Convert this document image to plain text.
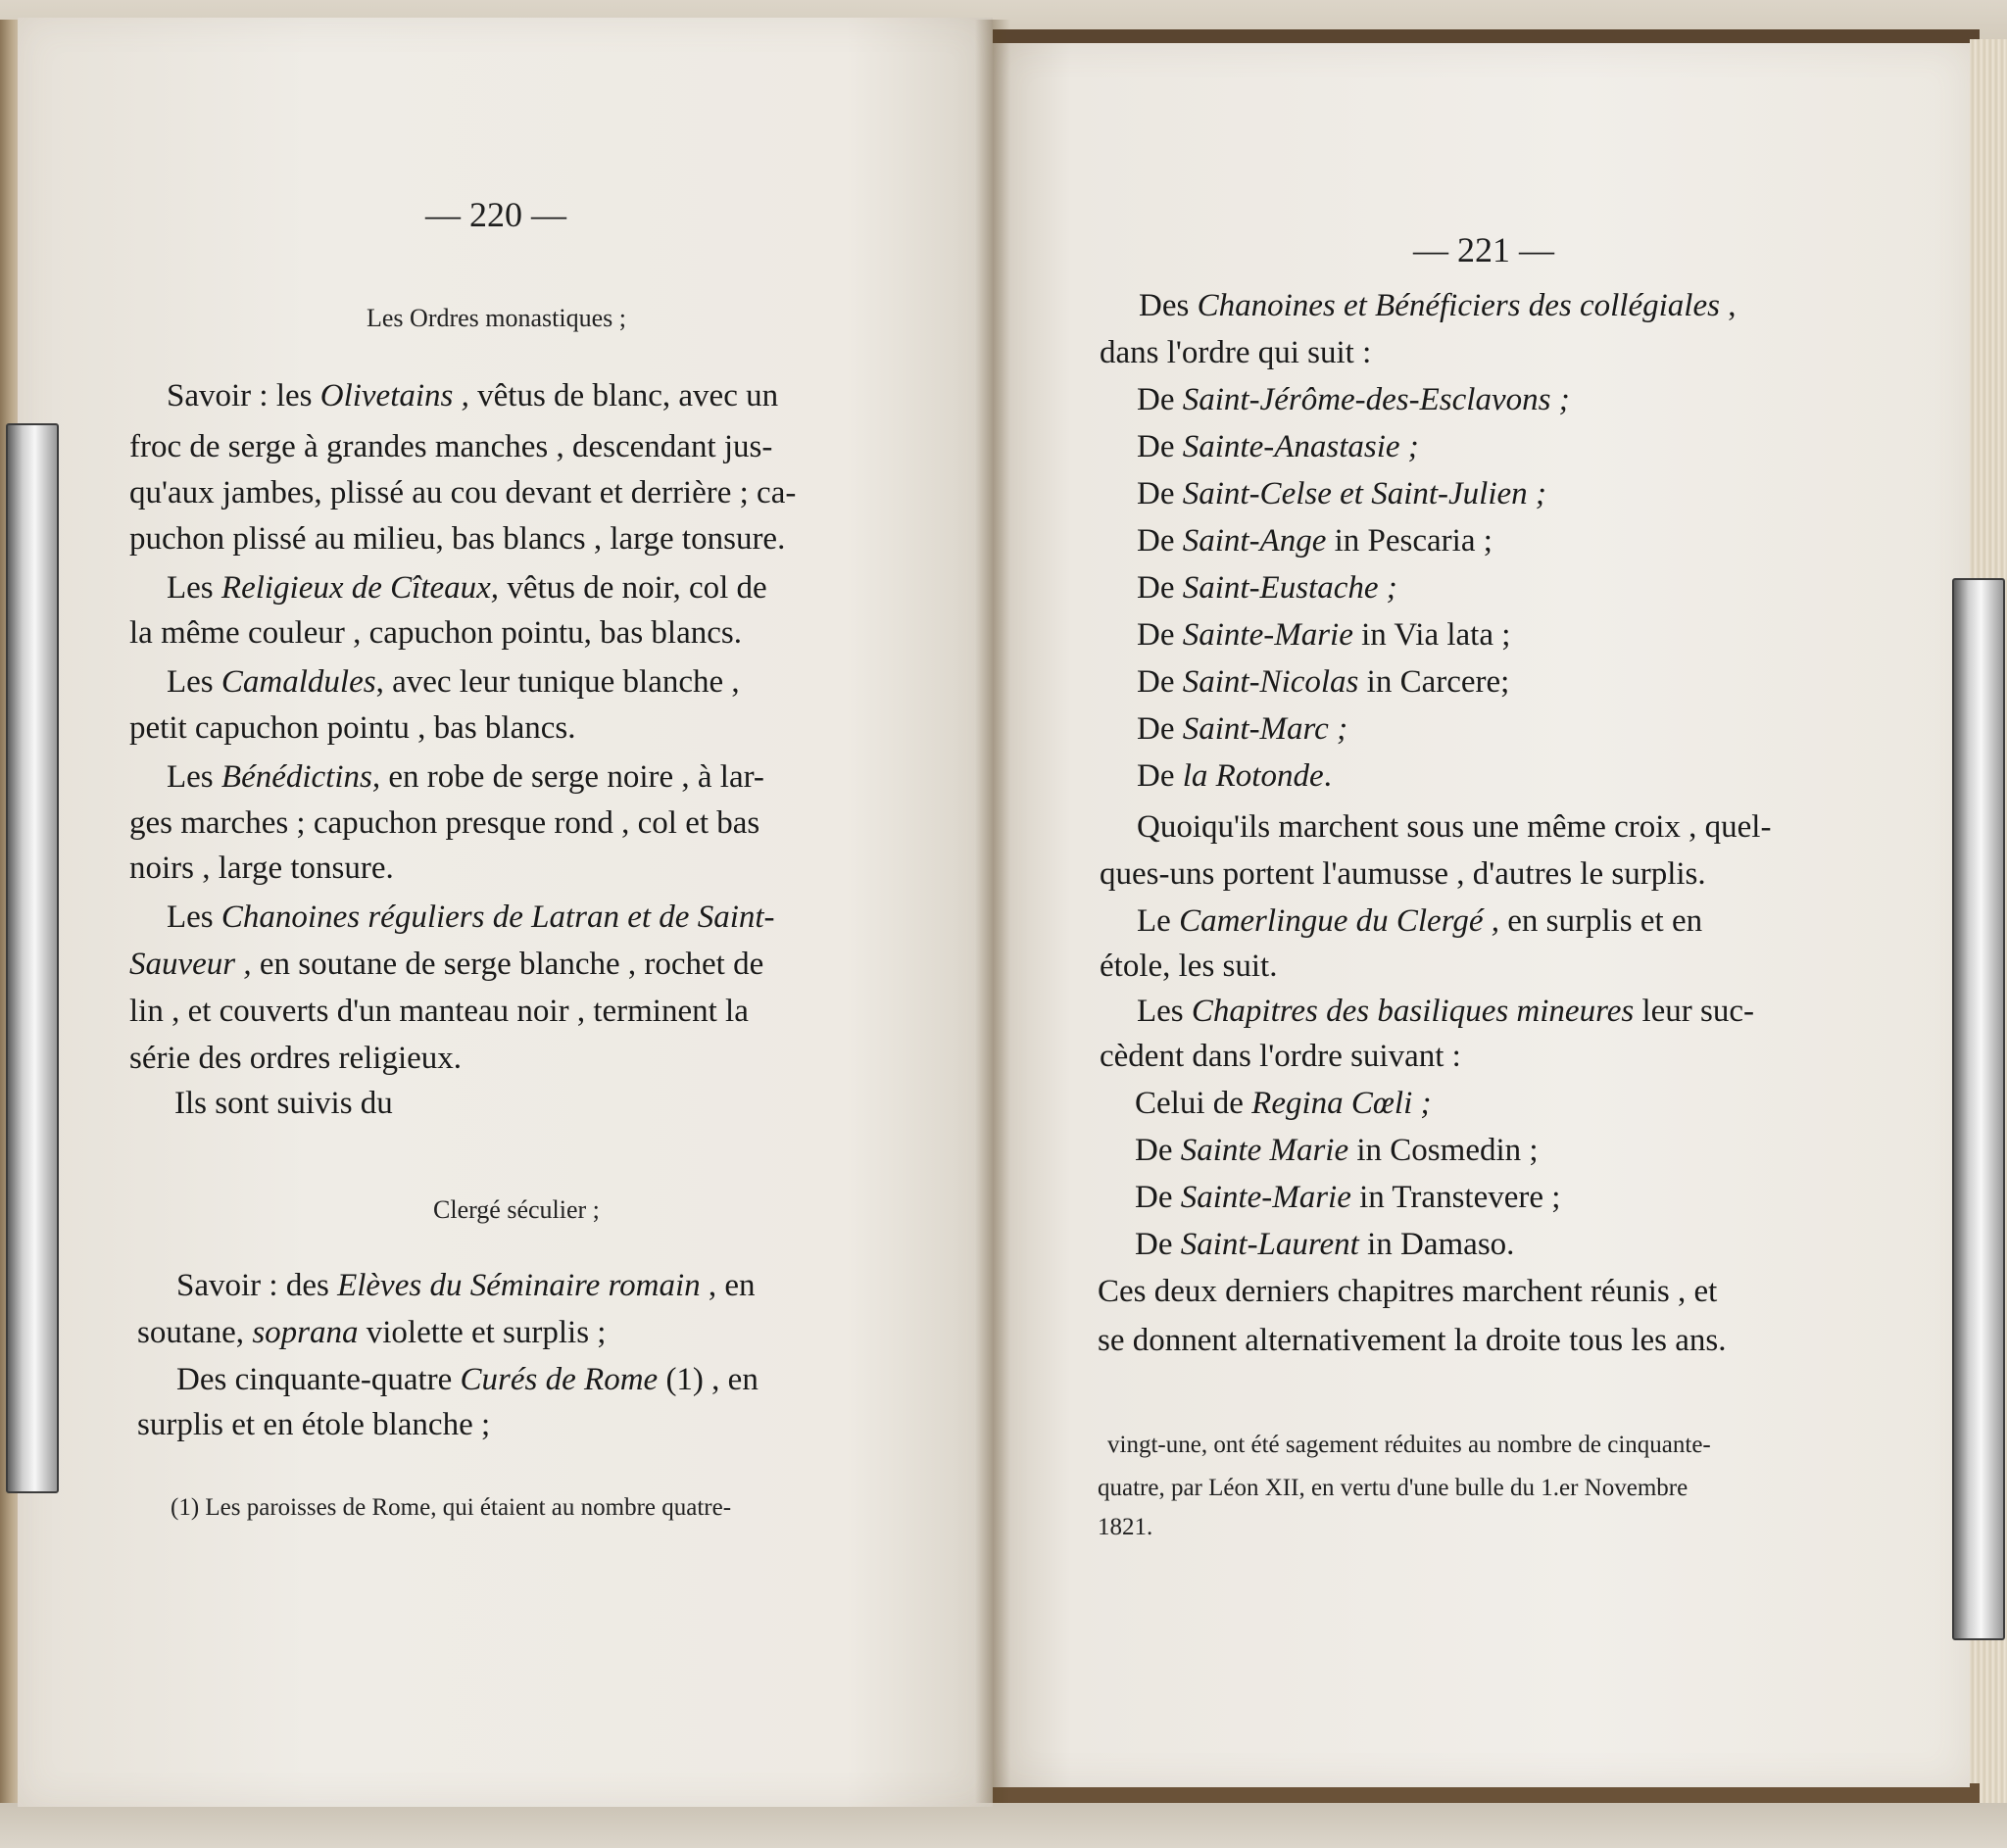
— 220 —
Les Ordres monastiques ;
Savoir : les Olivetains , vêtus de blanc, avec un
froc de serge à grandes manches , descendant jus-
qu'aux jambes, plissé au cou devant et derrière ; ca-
puchon plissé au milieu, bas blancs , large tonsure.
Les Religieux de Cîteaux, vêtus de noir, col de
la même couleur , capuchon pointu, bas blancs.
Les Camaldules, avec leur tunique blanche ,
petit capuchon pointu , bas blancs.
Les Bénédictins, en robe de serge noire , à lar-
ges marches ; capuchon presque rond , col et bas
noirs , large tonsure.
Les Chanoines réguliers de Latran et de Saint-
Sauveur , en soutane de serge blanche , rochet de
lin , et couverts d'un manteau noir , terminent la
série des ordres religieux.
Ils sont suivis du
Clergé séculier ;
Savoir : des Elèves du Séminaire romain , en
soutane, soprana violette et surplis ;
Des cinquante-quatre Curés de Rome (1) , en
surplis et en étole blanche ;
(1) Les paroisses de Rome, qui étaient au nombre quatre-
— 221 —
Des Chanoines et Bénéficiers des collégiales ,
dans l'ordre qui suit :
De Saint-Jérôme-des-Esclavons ;
De Sainte-Anastasie ;
De Saint-Celse et Saint-Julien ;
De Saint-Ange in Pescaria ;
De Saint-Eustache ;
De Sainte-Marie in Via lata ;
De Saint-Nicolas in Carcere;
De Saint-Marc ;
De la Rotonde.
Quoiqu'ils marchent sous une même croix , quel-
ques-uns portent l'aumusse , d'autres le surplis.
Le Camerlingue du Clergé , en surplis et en
étole, les suit.
Les Chapitres des basiliques mineures leur suc-
cèdent dans l'ordre suivant :
Celui de Regina Cœli ;
De Sainte Marie in Cosmedin ;
De Sainte-Marie in Transtevere ;
De Saint-Laurent in Damaso.
Ces deux derniers chapitres marchent réunis , et
se donnent alternativement la droite tous les ans.
vingt-une, ont été sagement réduites au nombre de cinquante-
quatre, par Léon XII, en vertu d'une bulle du 1.er Novembre
1821.
